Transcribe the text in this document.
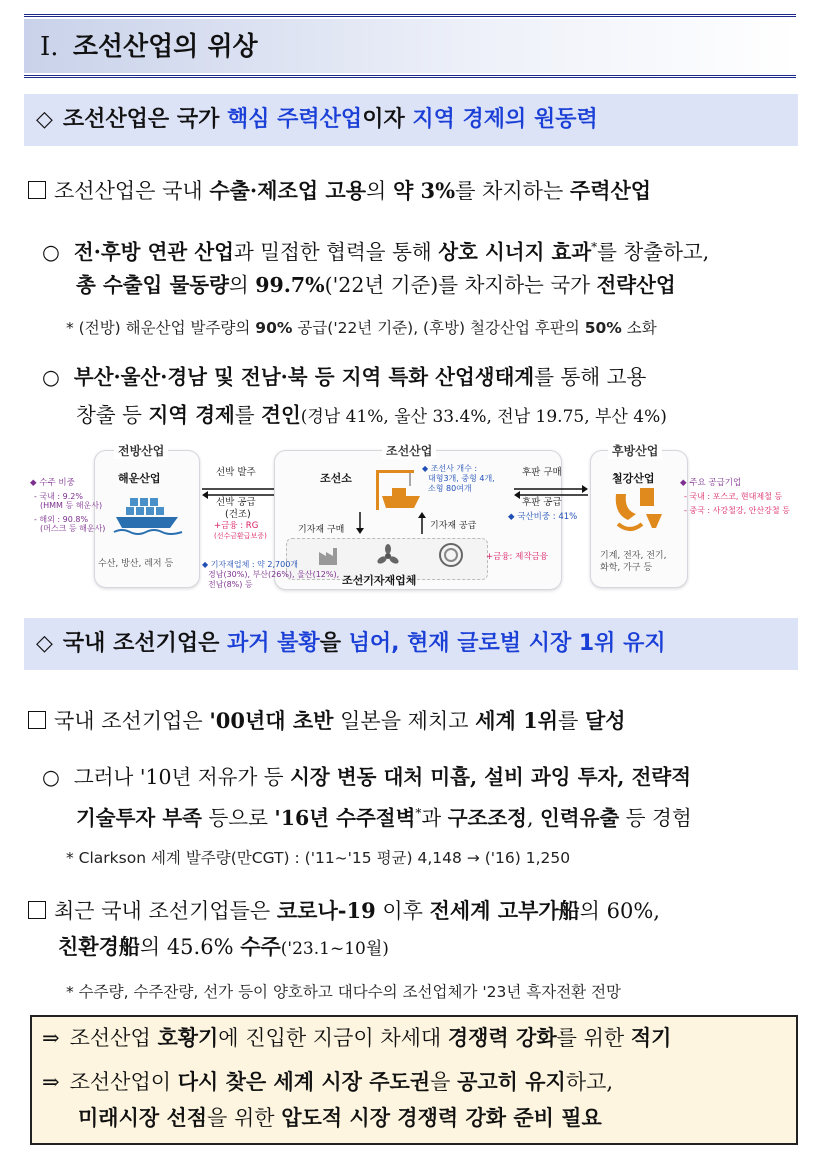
Ⅰ. 조선산업의 위상
◇ 조선산업은 국가 핵심 주력산업이자 지역 경제의 원동력
조선산업은 국내 수출·제조업 고용의 약 3%를 차지하는 주력산업
○ 전·후방 연관 산업과 밀접한 협력을 통해 상호 시너지 효과*를 창출하고,
총 수출입 물동량의 99.7%('22년 기준)를 차지하는 국가 전략산업
* (전방) 해운산업 발주량의 90% 공급('22년 기준), (후방) 철강산업 후판의 50% 소화
○ 부산·울산·경남 및 전남·북 등 지역 특화 산업생태계를 통해 고용
창출 등 지역 경제를 견인(경남 41%, 울산 33.4%, 전남 19.75, 부산 4%)
전방산업
해운산업
수산, 방산, 레저 등
◆ 수주 비중
- 국내 : 9.2%
(HMM 등 해운사)
- 해외 : 90.8%
(머스크 등 해운사)
선박 발주
선박 공급
(건조)
+금융 : RG
(선수금환급보증)
조선산업
조선소
◆ 조선사 개수 :
대형3개, 중형 4개,
소형 80여개
기자재 구매	기자재 공급
+금융: 제작금융
조선기자재업체
◆ 기자재업체 : 약 2,700개
경남(30%), 부산(26%), 울산(12%),
전남(8%) 등
후판 구매
후판 공급
◆ 국산비중 : 41%
후방산업
철강산업
기계, 전자, 전기,
화학, 가구 등
◆ 주요 공급기업
- 국내 : 포스코, 현대제철 등
- 중국 : 사강철강, 안산강철 등
◇ 국내 조선기업은 과거 불황을 넘어, 현재 글로벌 시장 1위 유지
국내 조선기업은 '00년대 초반 일본을 제치고 세계 1위를 달성
○ 그러나 '10년 저유가 등 시장 변동 대처 미흡, 설비 과잉 투자, 전략적
기술투자 부족 등으로 '16년 수주절벽*과 구조조정, 인력유출 등 경험
* Clarkson 세계 발주량(만CGT) : ('11~'15 평균) 4,148 → ('16) 1,250
최근 국내 조선기업들은 코로나-19 이후 전세계 고부가船의 60%,
친환경船의 45.6% 수주('23.1~10월)
* 수주량, 수주잔량, 선가 등이 양호하고 대다수의 조선업체가 '23년 흑자전환 전망
⇒ 조선산업 호황기에 진입한 지금이 차세대 경쟁력 강화를 위한 적기
⇒ 조선산업이 다시 찾은 세계 시장 주도권을 공고히 유지하고,
미래시장 선점을 위한 압도적 시장 경쟁력 강화 준비 필요
